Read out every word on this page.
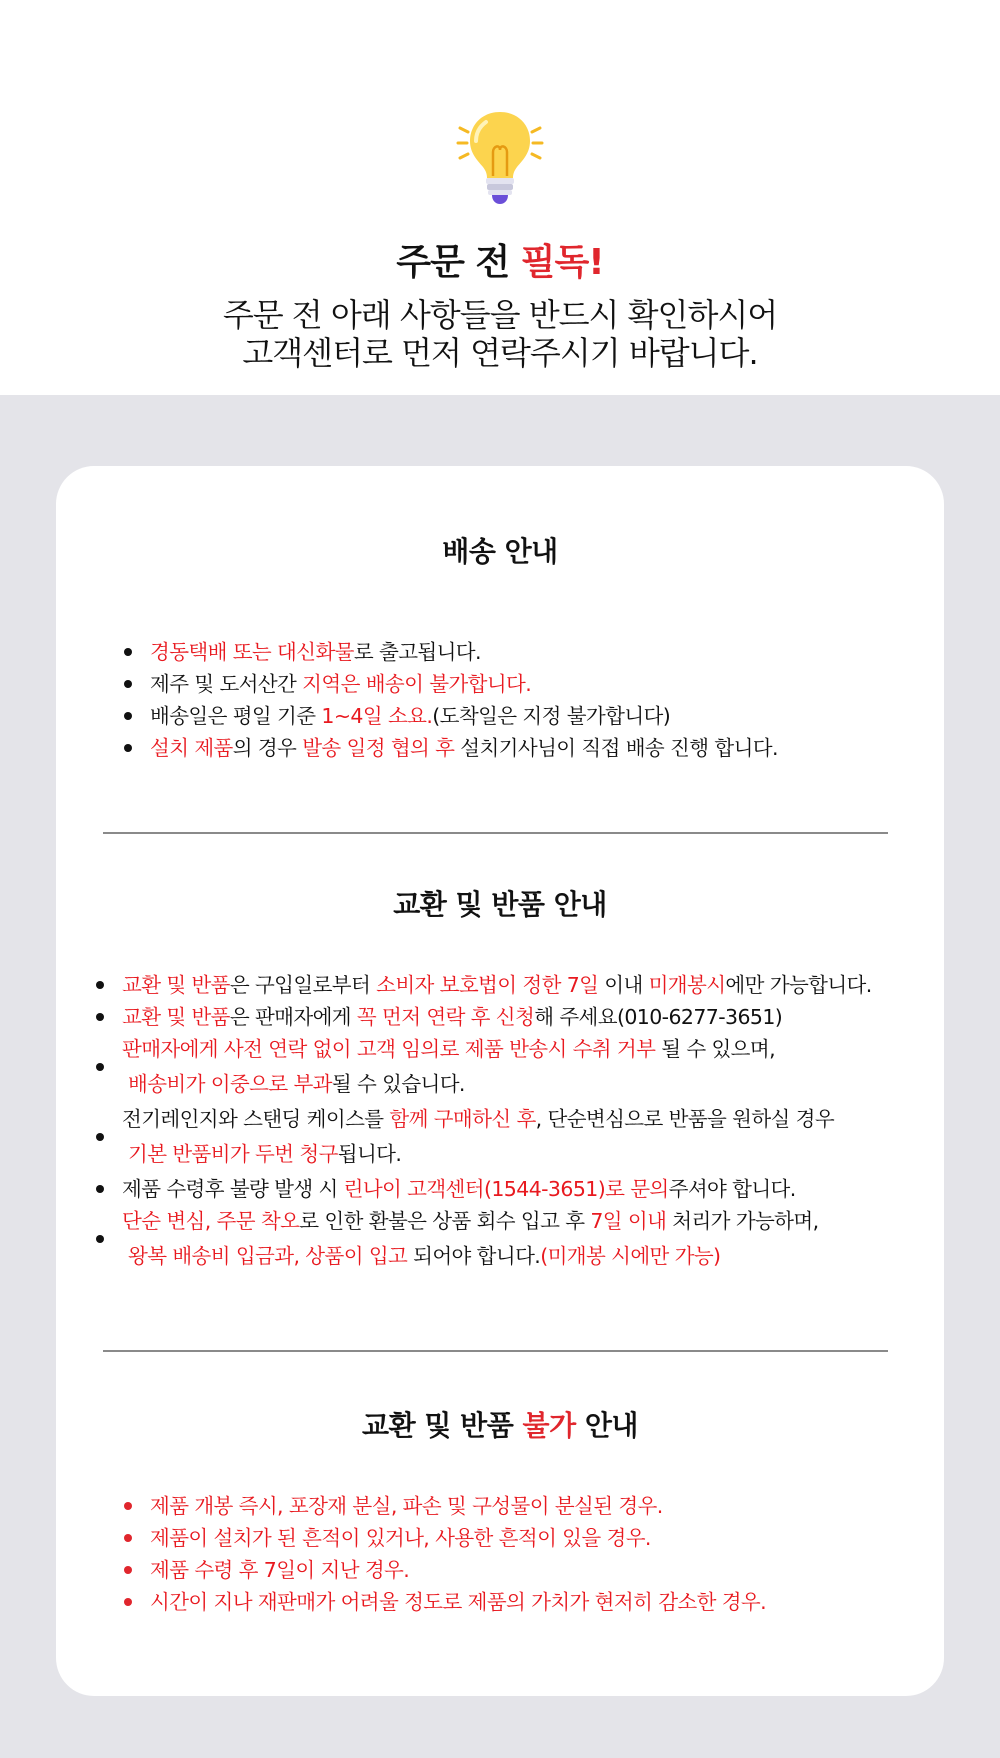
주문 전 필독!
주문 전 아래 사항들을 반드시 확인하시어
고객센터로 먼저 연락주시기 바랍니다.
배송 안내
경동택배 또는 대신화물로 출고됩니다.
제주 및 도서산간 지역은 배송이 불가합니다.
배송일은 평일 기준 1~4일 소요.(도착일은 지정 불가합니다)
설치 제품의 경우 발송 일정 협의 후 설치기사님이 직접 배송 진행 합니다.
교환 및 반품 안내
교환 및 반품은 구입일로부터 소비자 보호법이 정한 7일 이내 미개봉시에만 가능합니다.
교환 및 반품은 판매자에게 꼭 먼저 연락 후 신청해 주세요(010-6277-3651)
판매자에게 사전 연락 없이 고객 임의로 제품 반송시 수취 거부 될 수 있으며,
배송비가 이중으로 부과될 수 있습니다.
전기레인지와 스탠딩 케이스를 함께 구매하신 후, 단순변심으로 반품을 원하실 경우
기본 반품비가 두번 청구됩니다.
제품 수령후 불량 발생 시 린나이 고객센터(1544-3651)로 문의주셔야 합니다.
단순 변심, 주문 착오로 인한 환불은 상품 회수 입고 후 7일 이내 처리가 가능하며,
왕복 배송비 입금과, 상품이 입고 되어야 합니다.(미개봉 시에만 가능)
교환 및 반품 불가 안내
제품 개봉 즉시, 포장재 분실, 파손 및 구성물이 분실된 경우.
제품이 설치가 된 흔적이 있거나, 사용한 흔적이 있을 경우.
제품 수령 후 7일이 지난 경우.
시간이 지나 재판매가 어려울 정도로 제품의 가치가 현저히 감소한 경우.
